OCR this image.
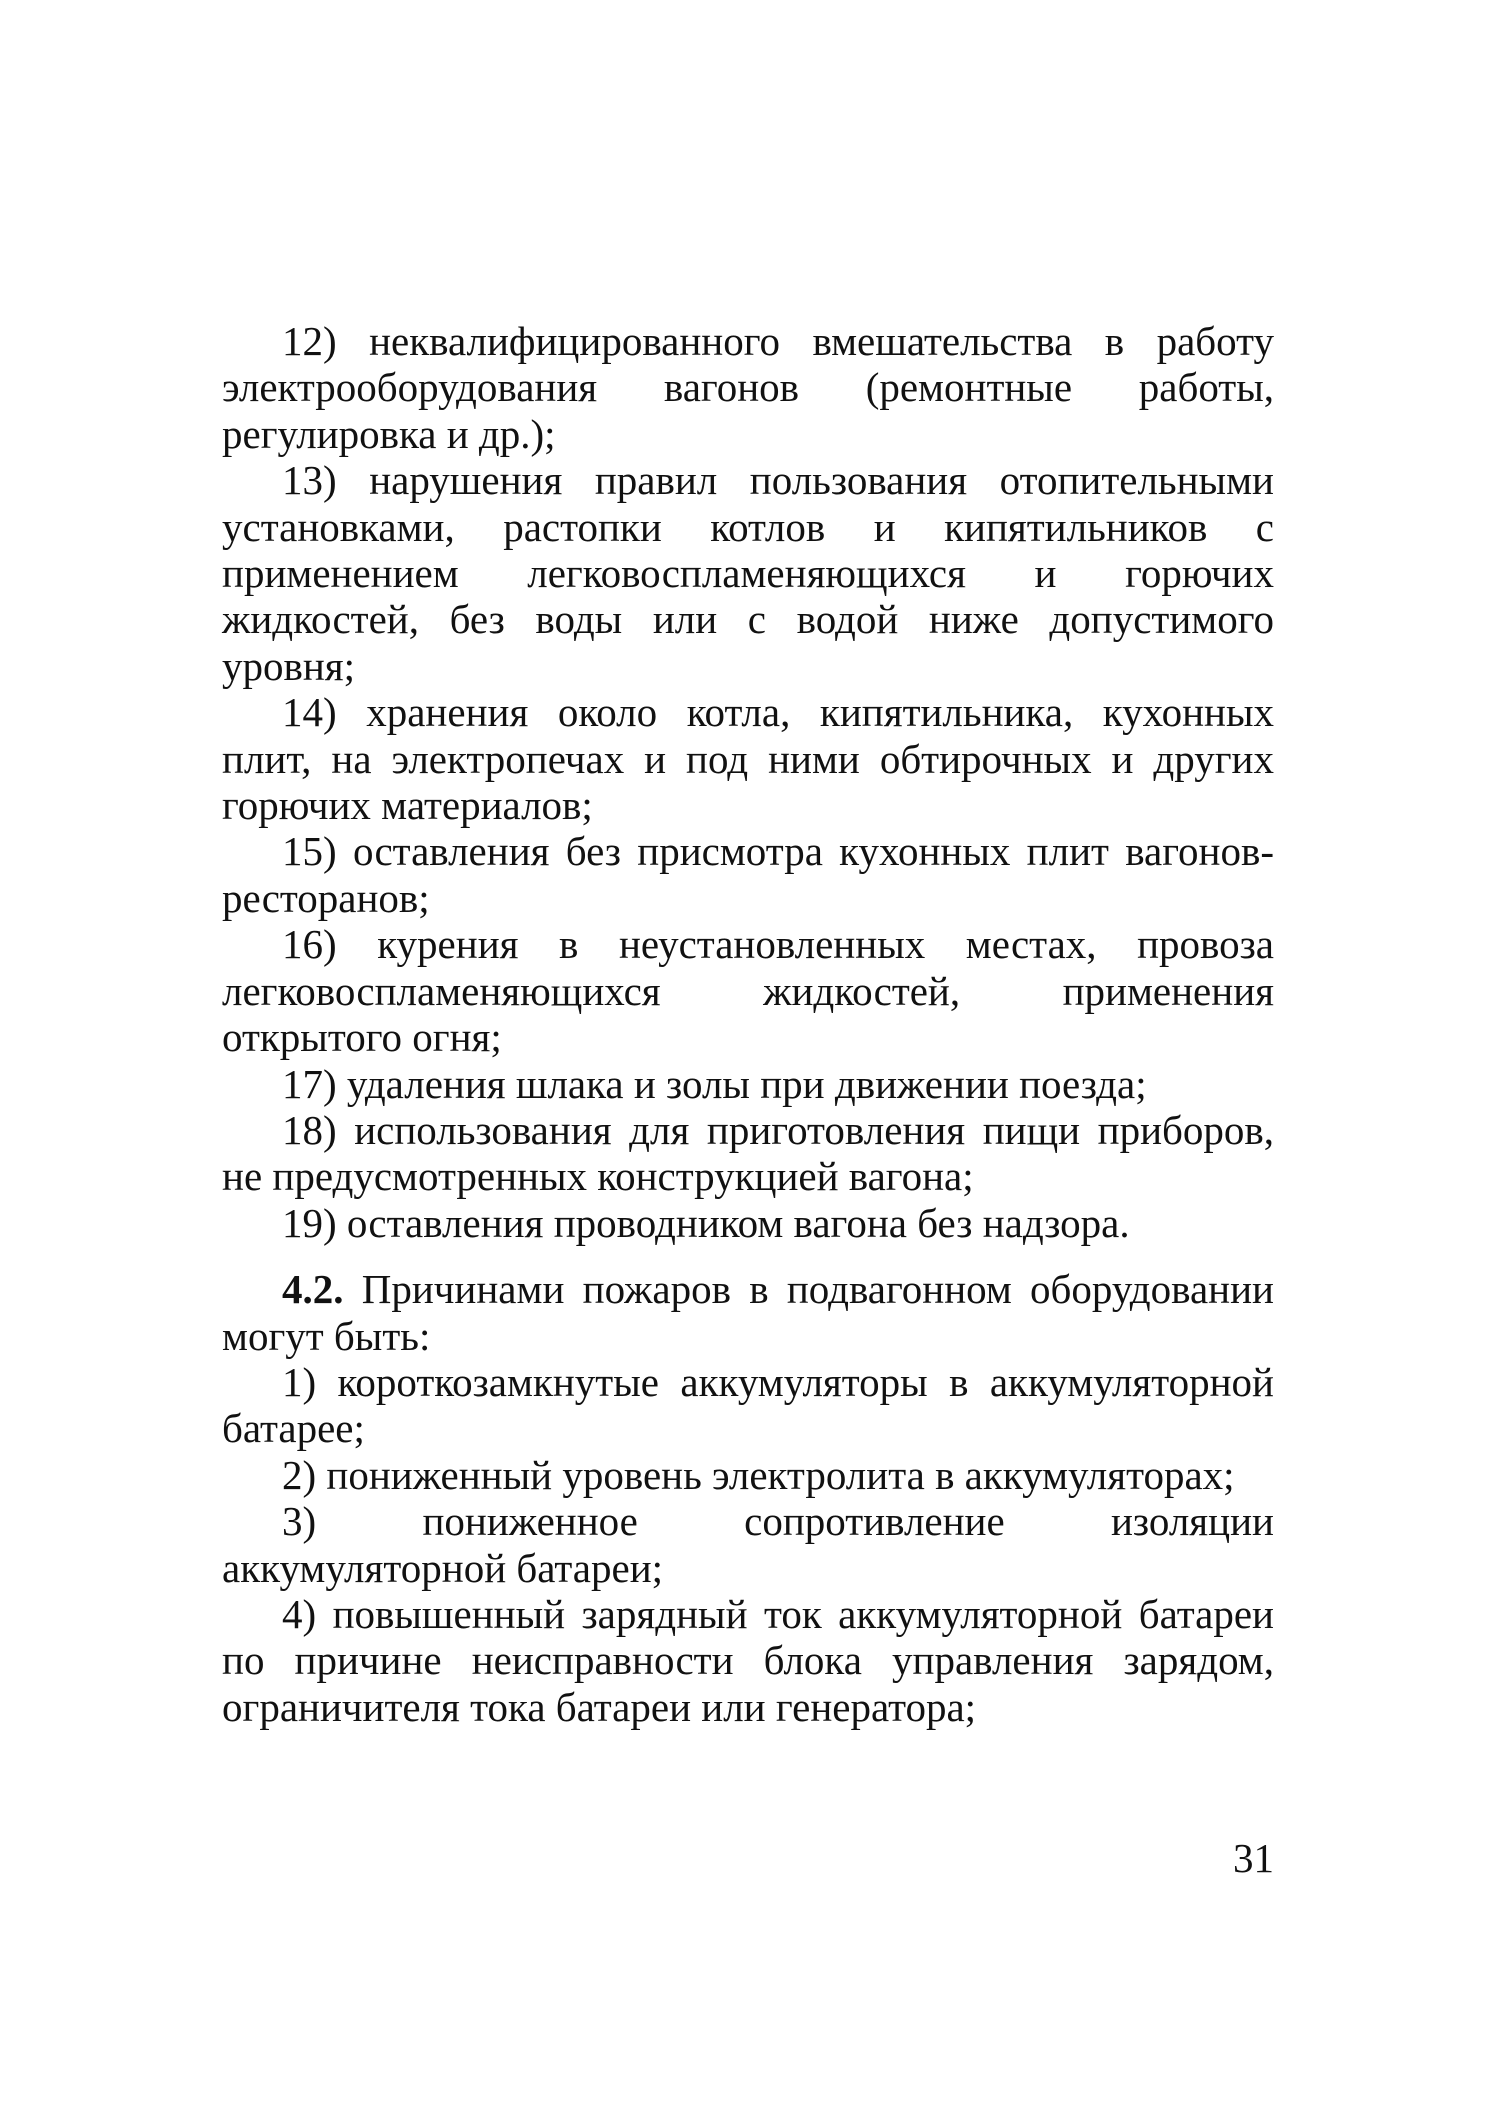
12) неквалифицированного вмешательства в работу электрооборудования вагонов (ремонтные работы, регулировка и др.);

13) нарушения правил пользования отопительными установками, растопки котлов и кипятильников с применением легковоспламеняющихся и горючих жидкостей, без воды или с водой ниже допустимого уровня;

14) хранения около котла, кипятильника, кухонных плит, на электропечах и под ними обтирочных и других горючих материалов;

15) оставления без присмотра кухонных плит вагонов-ресторанов;

16) курения в неустановленных местах, провоза легковоспламеняющихся жидкостей, применения открытого огня;

17) удаления шлака и золы при движении поезда;

18) использования для приготовления пищи приборов, не предусмотренных конструкцией вагона;

19) оставления проводником вагона без надзора.

4.2. Причинами пожаров в подвагонном оборудовании могут быть:

1) короткозамкнутые аккумуляторы в аккумуляторной батарее;

2) пониженный уровень электролита в аккумуляторах;

3) пониженное сопротивление изоляции аккумуляторной батареи;

4) повышенный зарядный ток аккумуляторной батареи по причине неисправности блока управления зарядом, ограничителя тока батареи или генератора;

31
